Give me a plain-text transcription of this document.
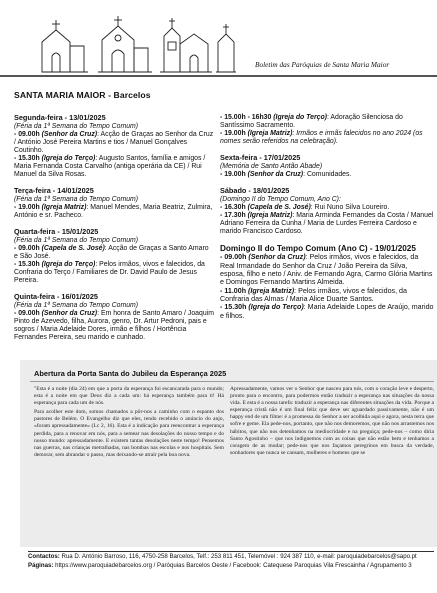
Boletim das Paróquias de Santa Maria Maior
SANTA MARIA MAIOR - Barcelos
Segunda-feira - 13/01/2025
(Féria da 1ª Semana do Tempo Comum)
- 09.00h (Senhor da Cruz): Acção de Graças ao Senhor da Cruz / António José Pereira Martins e tios / Manuel Gonçalves Coutinho.
- 15.30h (Igreja do Terço): Augusto Santos, família e amigos / Maria Fernanda Costa Carvalho (antiga operária da CE) / Rui Manuel da Silva Rosas.
Terça-feira - 14/01/2025
(Féria da 1ª Semana do Tempo Comum)
- 19.00h (Igreja Matriz): Manuel Mendes, Maria Beatriz, Zulmira, António e sr. Pacheco.
Quarta-feira - 15/01/2025
(Féria da 1ª Semana do Tempo Comum)
- 09.00h (Capela de S. José): Acção de Graças a Santo Amaro e São José.
- 15.30h (Igreja do Terço): Pelos irmãos, vivos e falecidos, da Confraria do Terço / Familiares de Dr. David Paulo de Jesus Pereira.
Quinta-feira - 16/01/2025
(Féria da 1ª Semana do Tempo Comum)
- 09.00h (Senhor da Cruz): Em honra de Santo Amaro / Joaquim Pinto de Azevedo, filha, Aurora, genro, Dr. Artur Pedroni, pais e sogros / Maria Adelaide Dores, irmão e filhos / Hortência Fernandes Pereira, seu marido e cunhado.
- 15.00h - 16h30 (Igreja do Terço): Adoração Silenciosa do Santíssimo Sacramento.
- 19.00h (Igreja Matriz): Irmãos e irmãs falecidos no ano 2024 (os nomes serão referidos na celebração).
Sexta-feira - 17/01/2025
(Memória de Santo Antão Abade)
- 19.00h (Senhor da Cruz): Comunidades.
Sábado - 18/01/2025
(Domingo II do Tempo Comum, Ano C):
- 16.30h (Capela de S. José): Rui Nuno Silva Loureiro.
- 17.30h (Igreja Matriz): Maria Arminda Fernandes da Costa / Manuel Adriano Ferreira da Cunha / Maria de Lurdes Ferreira Cardoso e marido Francisco Cardoso.
Domingo II do Tempo Comum (Ano C) - 19/01/2025
- 09.00h (Senhor da Cruz): Pelos irmãos, vivos e falecidos, da Real Irmandade do Senhor da Cruz / João Pereira da Silva, esposa, filho e neto / Aniv. de Fernando Agra, Carmo Glória Martins e Domingos Fernando Martins Almeida.
- 11.00h (Igreja Matriz): Pelos irmãos, vivos e falecidos, da Confraria das Almas / Maria Alice Duarte Santos.
- 15.30h (Igreja do Terço): Maria Adelaide Lopes de Araújo, marido e filhos.
Abertura da Porta Santa do Jubileu da Esperança 2025

"Esta é a noite (dia 24) em que a porta da esperança foi escancarada para o mundo; esta é a noite em que Deus diz a cada um: há esperança também para ti! Há esperança para cada um de nós.

Para acolher este dom, somos chamados a pôr-nos a caminho com o espanto dos pastores de Belém. O Evangelho diz que eles, tendo recebido o anúncio do anjo, «foram apressadamente» (Lc 2, 16). Esta é a indicação para reencontrar a esperança perdida, para a renovar em nós, para a semear nas desolações do nosso tempo e do nosso mundo: apressadamente. E existem tantas desolações neste tempo! Pensemos nas guerras, nas crianças metralhadas, nas bombas nas escolas e nos hospitais. Sem demorar, sem abrandar o passo, mas deixando-se atrair pela boa nova.

Apressadamente, vamos ver o Senhor que nasceu para nós, com o coração leve e desperto, pronto para o encontro, para podermos então traduzir a esperança nas situações da nossa vida. E esta é a nossa tarefa: traduzir a esperança nas diferentes situações da vida. Porque a esperança cristã não é um final feliz que deve ser aguardado passivamente, não é um happy end de um filme: é a promessa do Senhor a ser acolhida aqui e agora, nesta terra que sofre e geme. Ela pede-nos, portanto, que não nos demoremos, que não nos arrastemos nos hábitos, que não nos detenhamos na mediocridade e na preguiça; pede-nos – como diria Santo Agostinho – que nos indignemos com as coisas que não estão bem e tenhamos a coragem de as mudar; pede-nos que nos façamos peregrinos em busca da verdade, sonhadores que nunca se cansam, mulheres e homens que se

Contactos: Rua D. António Barroso, 116, 4750-258 Barcelos, Telf.: 253 811 451, Telemóvel : 924 387 110, e-mail: paroquiadebarcelos@sapo.pt
Páginas: https://www.paroquiadebarcelos.org / Paróquias Barcelos Oeste / Facebook: Catequese Paroquias Vila Frescainha / Agrupamento 3
